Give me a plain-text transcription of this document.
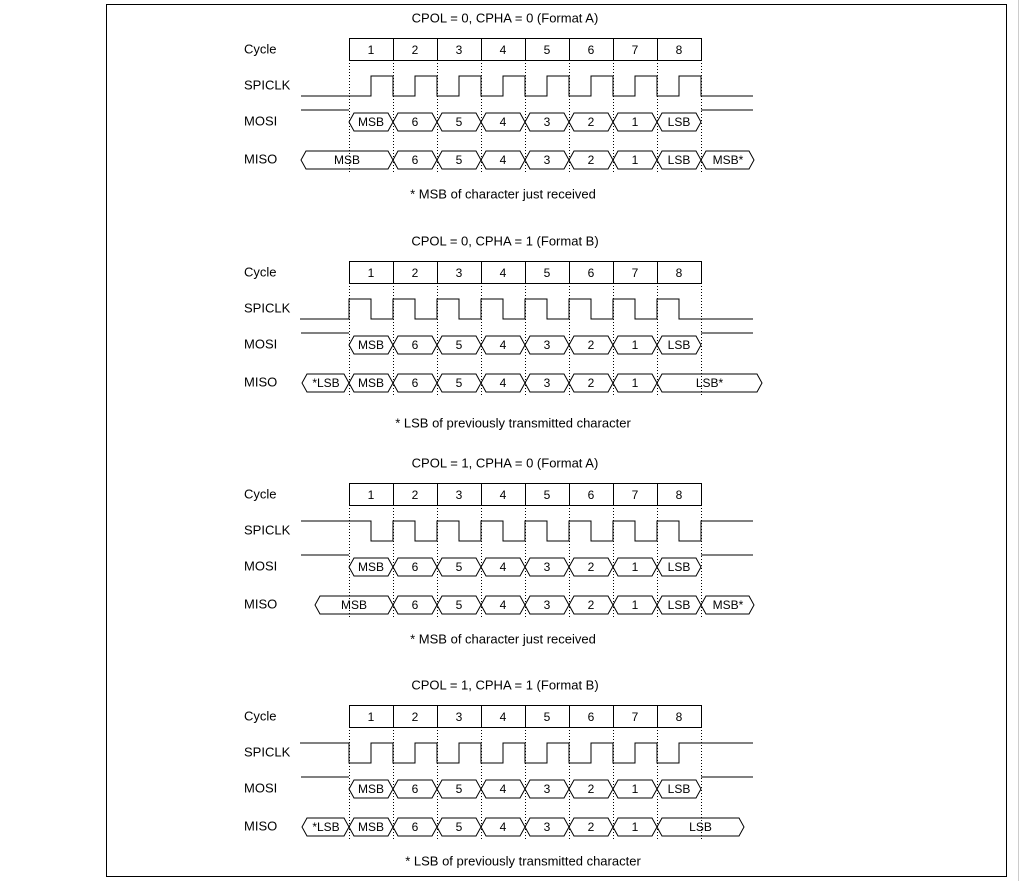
CPOL = 0, CPHA = 0 (Format A)
Cycle
SPICLK
MOSI
MISO
1	2	3	4	5	6	7	8
MSB 6	5	4	3	2	1 LSB
MSB	6	5	4	3	2	1 LSB MSB*
* MSB of character just received
CPOL = 0, CPHA = 1 (Format B)
Cycle
SPICLK
MOSI
MISO
1	2	3	4	5	6	7	8
MSB 6	5	4	3	2	1 LSB
*LSB MSB 6	5	4	3	2	1	LSB*
* LSB of previously transmitted character
CPOL = 1, CPHA = 0 (Format A)
Cycle
SPICLK
MOSI
MISO
1	2	3	4	5	6	7	8
MSB 6	5	4	3	2	1 LSB
MSB	6	5	4	3	2	1 LSB MSB*
* MSB of character just received
CPOL = 1, CPHA = 1 (Format B)
Cycle
SPICLK
MOSI
MISO
1	2	3	4	5	6	7	8
MSB 6	5	4	3	2	1 LSB
*LSB MSB 6	5	4	3	2	1	LSB
* LSB of previously transmitted character
